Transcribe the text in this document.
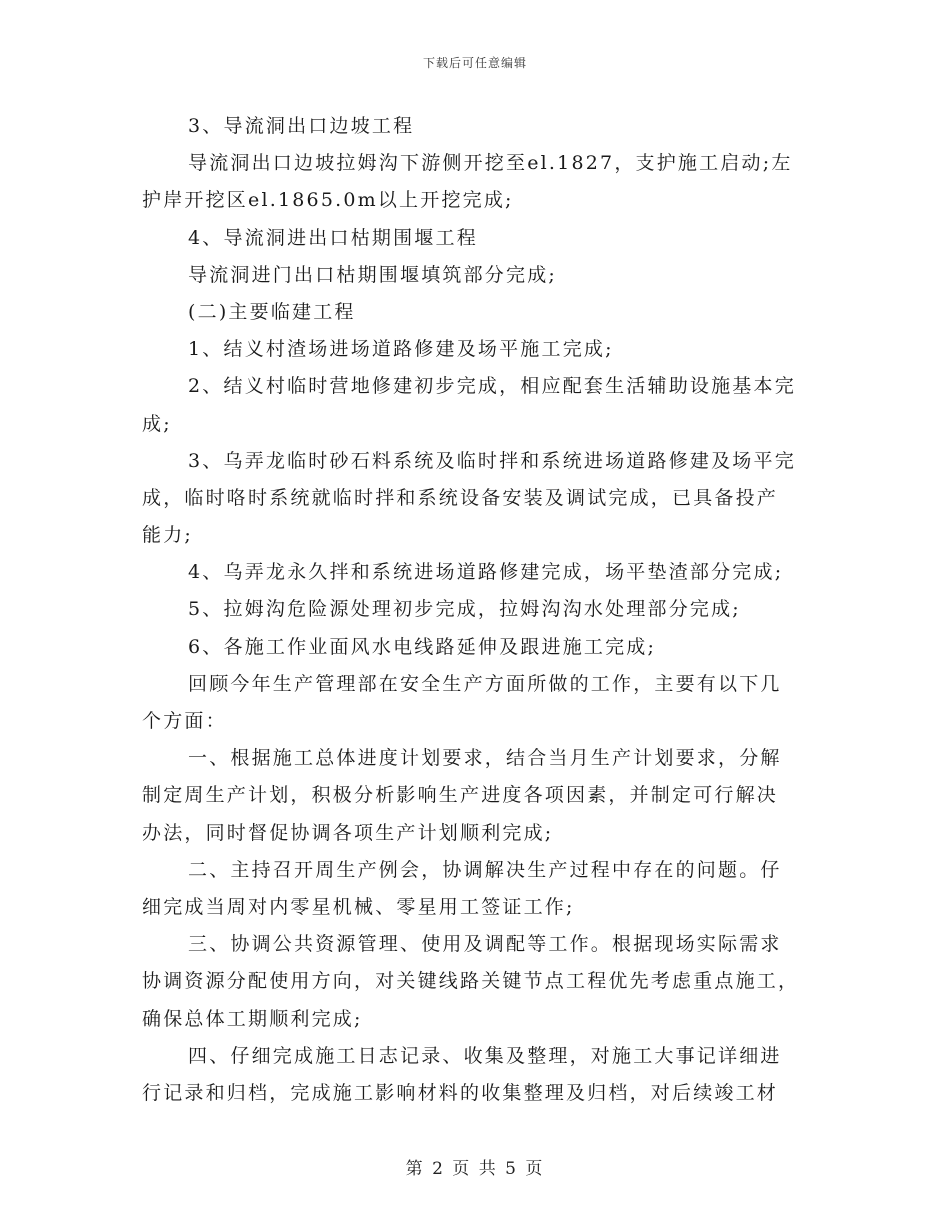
下载后可任意编辑
3、导流洞出口边坡工程
导流洞出口边坡拉姆沟下游侧开挖至el.1827，支护施工启动;左
护岸开挖区el.1865.0m以上开挖完成;
4、导流洞进出口枯期围堰工程
导流洞进门出口枯期围堰填筑部分完成;
(二)主要临建工程
1、结义村渣场进场道路修建及场平施工完成;
2、结义村临时营地修建初步完成，相应配套生活辅助设施基本完
成;
3、乌弄龙临时砂石料系统及临时拌和系统进场道路修建及场平完
成，临时咯时系统就临时拌和系统设备安装及调试完成，已具备投产
能力;
4、乌弄龙永久拌和系统进场道路修建完成，场平垫渣部分完成;
5、拉姆沟危险源处理初步完成，拉姆沟沟水处理部分完成;
6、各施工作业面风水电线路延伸及跟进施工完成;
回顾今年生产管理部在安全生产方面所做的工作，主要有以下几
个方面：
一、根据施工总体进度计划要求，结合当月生产计划要求，分解
制定周生产计划，积极分析影响生产进度各项因素，并制定可行解决
办法，同时督促协调各项生产计划顺利完成;
二、主持召开周生产例会，协调解决生产过程中存在的问题。仔
细完成当周对内零星机械、零星用工签证工作;
三、协调公共资源管理、使用及调配等工作。根据现场实际需求
协调资源分配使用方向，对关键线路关键节点工程优先考虑重点施工，
确保总体工期顺利完成;
四、仔细完成施工日志记录、收集及整理，对施工大事记详细进
行记录和归档，完成施工影响材料的收集整理及归档，对后续竣工材
第 2 页 共 5 页
